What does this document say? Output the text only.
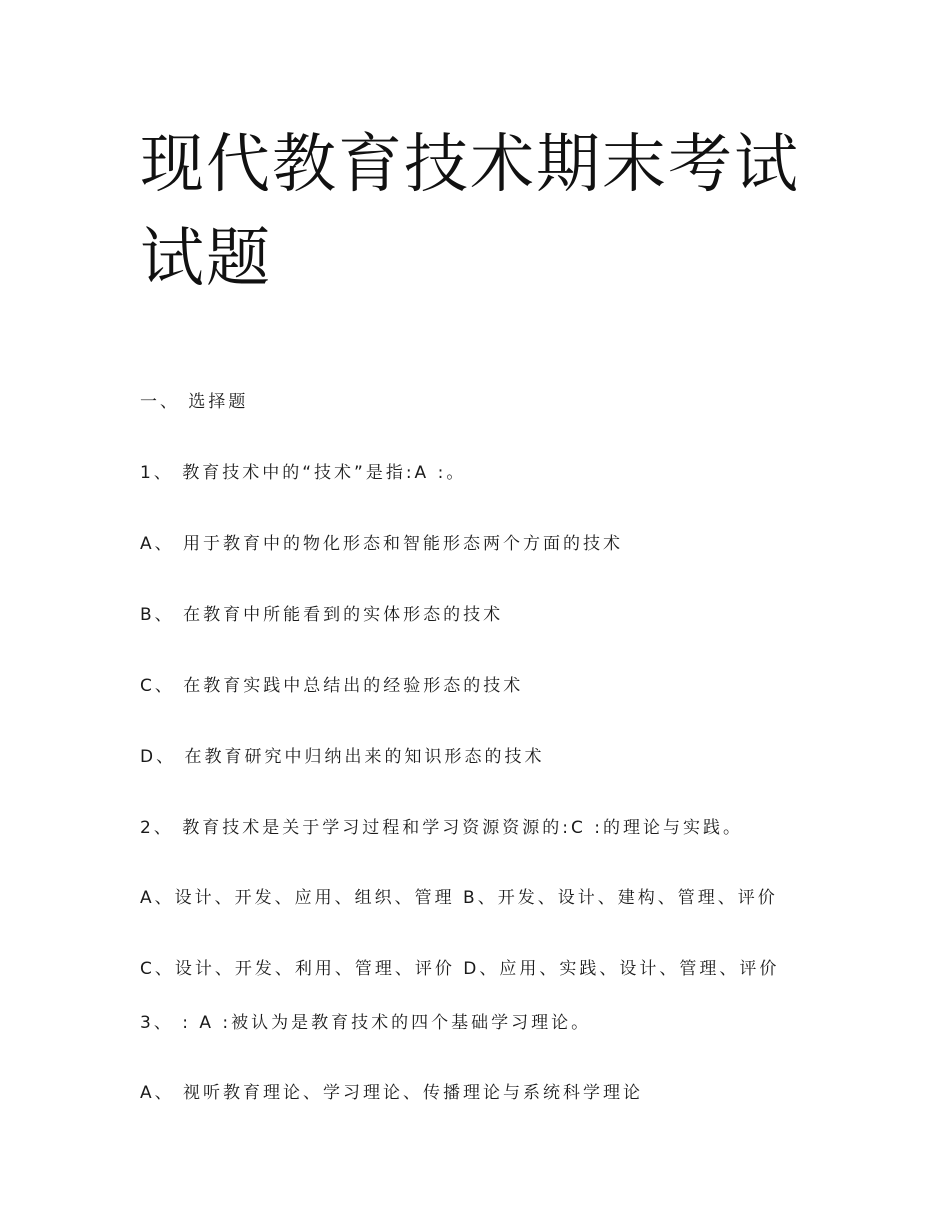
现代教育技术期末考试试题
一、 选择题
1、 教育技术中的“技术”是指:A :。
A、 用于教育中的物化形态和智能形态两个方面的技术
B、 在教育中所能看到的实体形态的技术
C、 在教育实践中总结出的经验形态的技术
D、 在教育研究中归纳出来的知识形态的技术
2、 教育技术是关于学习过程和学习资源资源的:C :的理论与实践。
A、设计、开发、应用、组织、管理 B、开发、设计、建构、管理、评价
C、设计、开发、利用、管理、评价 D、应用、实践、设计、管理、评价
3、 : A :被认为是教育技术的四个基础学习理论。
A、 视听教育理论、学习理论、传播理论与系统科学理论
